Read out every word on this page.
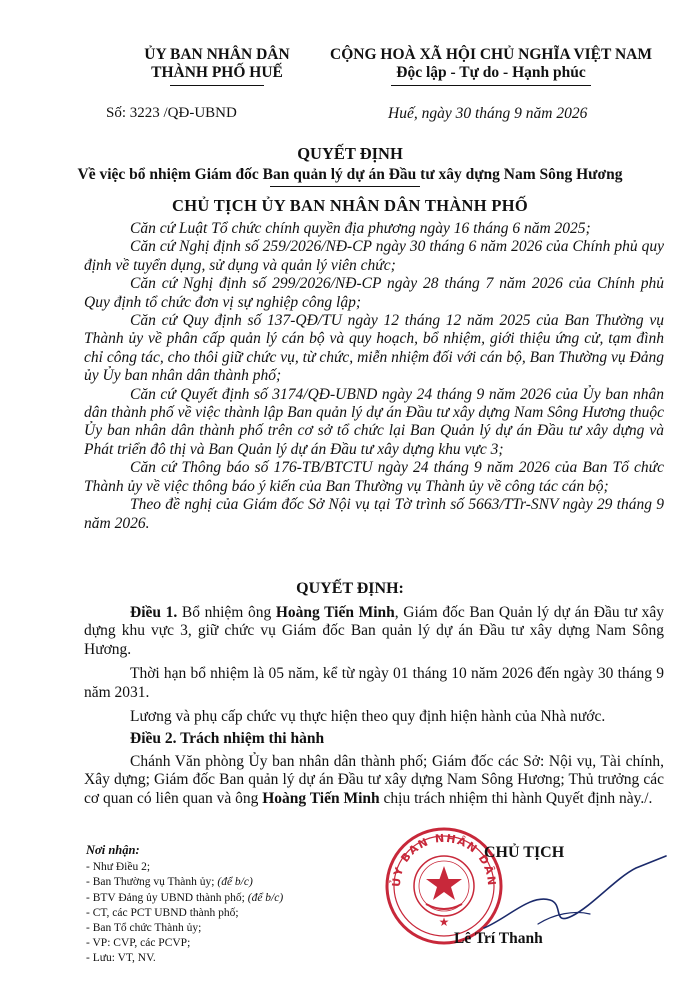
ỦY BAN NHÂN DÂN
THÀNH PHỐ HUẾ
CỘNG HOÀ XÃ HỘI CHỦ NGHĨA VIỆT NAM
Độc lập - Tự do - Hạnh phúc
Số: 3223 /QĐ-UBND	Huế, ngày 30 tháng 9 năm 2026
QUYẾT ĐỊNH
Về việc bổ nhiệm Giám đốc Ban quản lý dự án Đầu tư xây dựng Nam Sông Hương
CHỦ TỊCH ỦY BAN NHÂN DÂN THÀNH PHỐ

Căn cứ Luật Tổ chức chính quyền địa phương ngày 16 tháng 6 năm 2025;

Căn cứ Nghị định số 259/2026/NĐ-CP ngày 30 tháng 6 năm 2026 của Chính phủ quy định về tuyển dụng, sử dụng và quản lý viên chức;

Căn cứ Nghị định số 299/2026/NĐ-CP ngày 28 tháng 7 năm 2026 của Chính phủ Quy định tổ chức đơn vị sự nghiệp công lập;

Căn cứ Quy định số 137-QĐ/TU ngày 12 tháng 12 năm 2025 của Ban Thường vụ Thành ủy về phân cấp quản lý cán bộ và quy hoạch, bổ nhiệm, giới thiệu ứng cử, tạm đình chỉ công tác, cho thôi giữ chức vụ, từ chức, miễn nhiệm đối với cán bộ, Ban Thường vụ Đảng ủy Ủy ban nhân dân thành phố;

Căn cứ Quyết định số 3174/QĐ-UBND ngày 24 tháng 9 năm 2026 của Ủy ban nhân dân thành phố về việc thành lập Ban quản lý dự án Đầu tư xây dựng Nam Sông Hương thuộc Ủy ban nhân dân thành phố trên cơ sở tổ chức lại Ban Quản lý dự án Đầu tư xây dựng và Phát triển đô thị và Ban Quản lý dự án Đầu tư xây dựng khu vực 3;

Căn cứ Thông báo số 176-TB/BTCTU ngày 24 tháng 9 năm 2026 của Ban Tổ chức Thành ủy về việc thông báo ý kiến của Ban Thường vụ Thành ủy về công tác cán bộ;

Theo đề nghị của Giám đốc Sở Nội vụ tại Tờ trình số 5663/TTr-SNV ngày 29 tháng 9 năm 2026.

QUYẾT ĐỊNH:

Điều 1. Bổ nhiệm ông Hoàng Tiến Minh, Giám đốc Ban Quản lý dự án Đầu tư xây dựng khu vực 3, giữ chức vụ Giám đốc Ban quản lý dự án Đầu tư xây dựng Nam Sông Hương.

Thời hạn bổ nhiệm là 05 năm, kể từ ngày 01 tháng 10 năm 2026 đến ngày 30 tháng 9 năm 2031.

Lương và phụ cấp chức vụ thực hiện theo quy định hiện hành của Nhà nước.

Điều 2. Trách nhiệm thi hành

Chánh Văn phòng Ủy ban nhân dân thành phố; Giám đốc các Sở: Nội vụ, Tài chính, Xây dựng; Giám đốc Ban quản lý dự án Đầu tư xây dựng Nam Sông Hương; Thủ trưởng các cơ quan có liên quan và ông Hoàng Tiến Minh chịu trách nhiệm thi hành Quyết định này./.

Nơi nhận:
- Như Điều 2;
- Ban Thường vụ Thành ủy; (để b/c)
- BTV Đảng ủy UBND thành phố; (để b/c)
- CT, các PCT UBND thành phố;
- Ban Tổ chức Thành ủy;
- VP: CVP, các PCVP;
- Lưu: VT, NV.
ỦY BAN NHÂN DÂN
★
CHỦ TỊCH
Lê Trí Thanh
